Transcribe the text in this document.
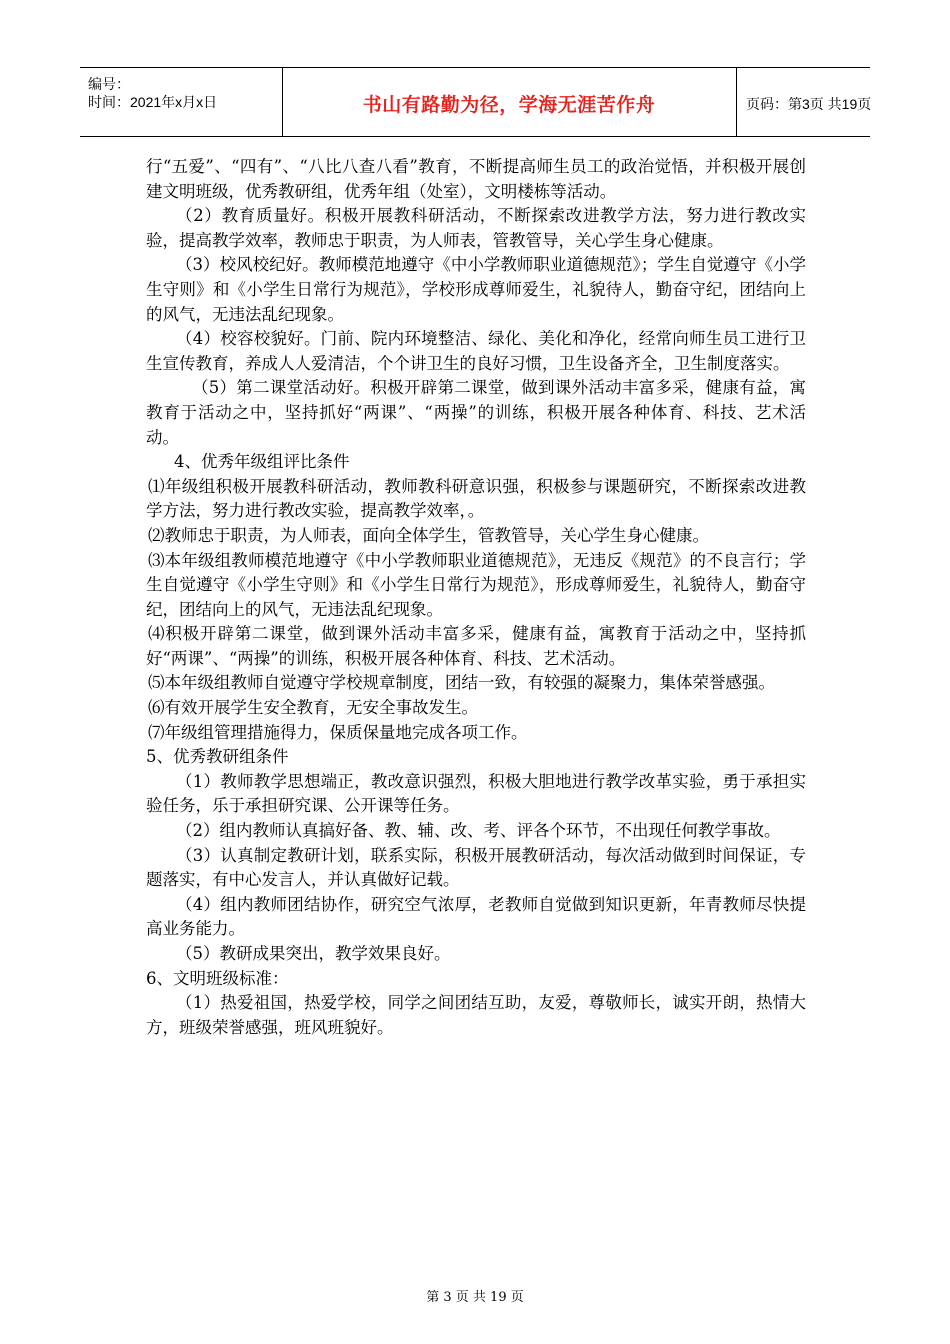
编号：
时间：2021年x月x日	书山有路勤为径，学海无涯苦作舟	页码：第3页 共19页

行“五爱”、“四有”、“八比八查八看”教育，不断提高师生员工的政治觉悟，并积极开展创建文明班级，优秀教研组，优秀年组（处室），文明楼栋等活动。

（2）教育质量好。积极开展教科研活动，不断探索改进教学方法，努力进行教改实验，提高教学效率，教师忠于职责，为人师表，管教管导，关心学生身心健康。

（3）校风校纪好。教师模范地遵守《中小学教师职业道德规范》；学生自觉遵守《小学生守则》和《小学生日常行为规范》，学校形成尊师爱生，礼貌待人，勤奋守纪，团结向上的风气，无违法乱纪现象。

（4）校容校貌好。门前、院内环境整洁、绿化、美化和净化，经常向师生员工进行卫生宣传教育，养成人人爱清洁，个个讲卫生的良好习惯，卫生设备齐全，卫生制度落实。

（5）第二课堂活动好。积极开辟第二课堂，做到课外活动丰富多采，健康有益，寓教育于活动之中，坚持抓好“两课”、“两操”的训练，积极开展各种体育、科技、艺术活动。

4、优秀年级组评比条件

⑴年级组积极开展教科研活动，教师教科研意识强，积极参与课题研究，不断探索改进教学方法，努力进行教改实验，提高教学效率，。

⑵教师忠于职责，为人师表，面向全体学生，管教管导，关心学生身心健康。

⑶本年级组教师模范地遵守《中小学教师职业道德规范》，无违反《规范》的不良言行；学生自觉遵守《小学生守则》和《小学生日常行为规范》，形成尊师爱生，礼貌待人，勤奋守纪，团结向上的风气，无违法乱纪现象。

⑷积极开辟第二课堂，做到课外活动丰富多采，健康有益，寓教育于活动之中，坚持抓好“两课”、“两操”的训练，积极开展各种体育、科技、艺术活动。

⑸本年级组教师自觉遵守学校规章制度，团结一致，有较强的凝聚力，集体荣誉感强。

⑹有效开展学生安全教育，无安全事故发生。

⑺年级组管理措施得力，保质保量地完成各项工作。

5、优秀教研组条件

（1）教师教学思想端正，教改意识强烈，积极大胆地进行教学改革实验，勇于承担实验任务，乐于承担研究课、公开课等任务。

（2）组内教师认真搞好备、教、辅、改、考、评各个环节，不出现任何教学事故。

（3）认真制定教研计划，联系实际，积极开展教研活动，每次活动做到时间保证，专题落实，有中心发言人，并认真做好记载。

（4）组内教师团结协作，研究空气浓厚，老教师自觉做到知识更新，年青教师尽快提高业务能力。

（5）教研成果突出，教学效果良好。

6、文明班级标准：

（1）热爱祖国，热爱学校，同学之间团结互助，友爱，尊敬师长，诚实开朗，热情大方，班级荣誉感强，班风班貌好。

第 3 页 共 19 页
